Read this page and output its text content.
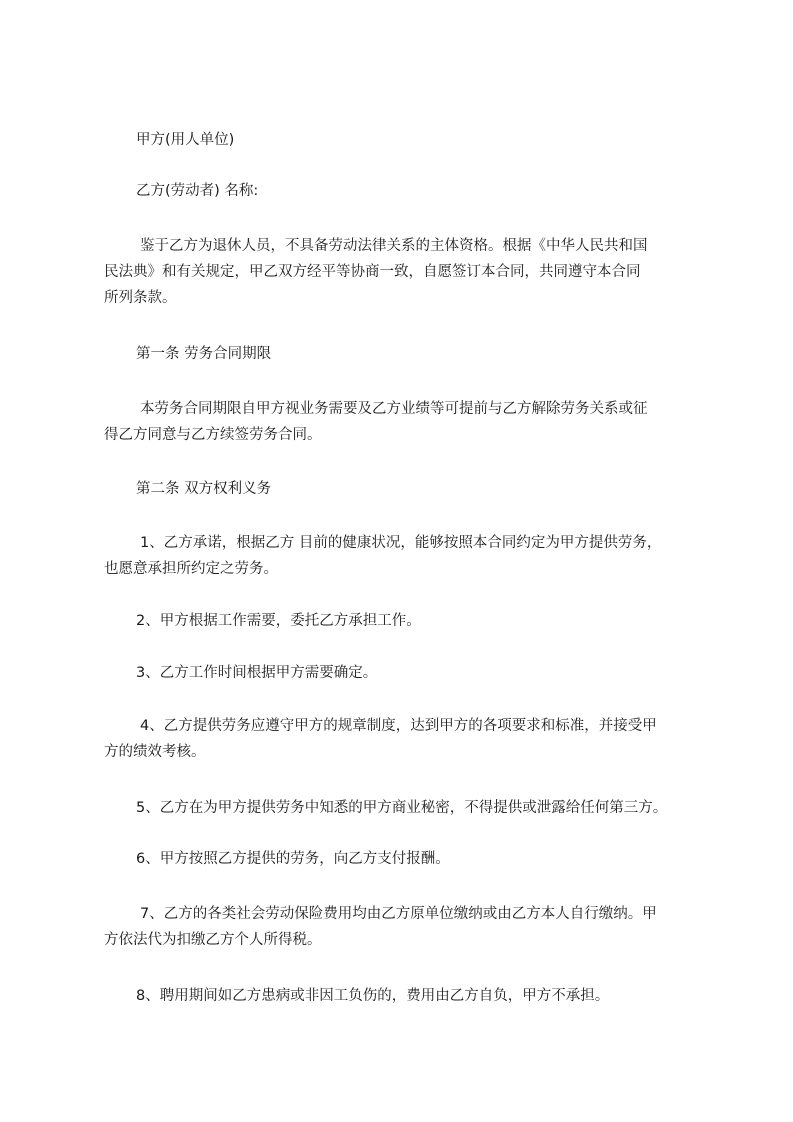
甲方(用人单位)

乙方(劳动者) 名称:

鉴于乙方为退休人员，不具备劳动法律关系的主体资格。根据《中华人民共和国
民法典》和有关规定，甲乙双方经平等协商一致，自愿签订本合同，共同遵守本合同
所列条款。

第一条 劳务合同期限

本劳务合同期限自甲方视业务需要及乙方业绩等可提前与乙方解除劳务关系或征
得乙方同意与乙方续签劳务合同。

第二条 双方权利义务

1、乙方承诺，根据乙方 目前的健康状况，能够按照本合同约定为甲方提供劳务，
也愿意承担所约定之劳务。

2、甲方根据工作需要，委托乙方承担工作。

3、乙方工作时间根据甲方需要确定。

4、乙方提供劳务应遵守甲方的规章制度，达到甲方的各项要求和标准，并接受甲
方的绩效考核。

5、乙方在为甲方提供劳务中知悉的甲方商业秘密，不得提供或泄露给任何第三方。

6、甲方按照乙方提供的劳务，向乙方支付报酬。

7、乙方的各类社会劳动保险费用均由乙方原单位缴纳或由乙方本人自行缴纳。甲
方依法代为扣缴乙方个人所得税。

8、聘用期间如乙方患病或非因工负伤的，费用由乙方自负，甲方不承担。
